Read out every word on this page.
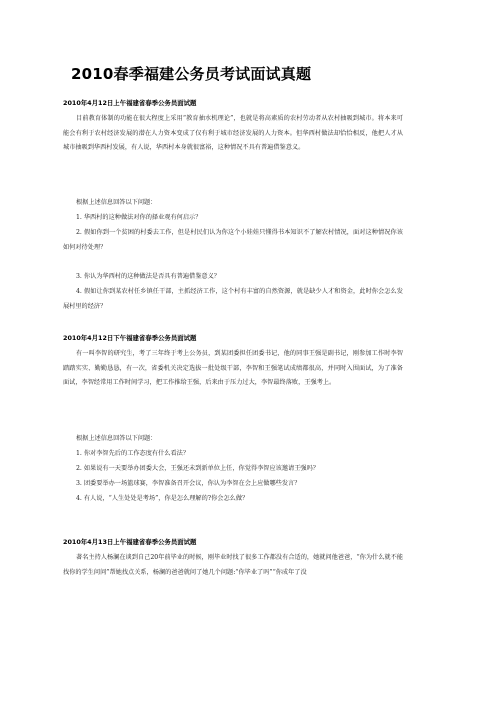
2010春季福建公务员考试面试真题
2010年4月12日上午福建省春季公务员面试题
目前教育体制的功能在很大程度上采用“教育抽水机理论”，也就是将高素质的农村劳动者从农村抽吸到城市。将本来可能会有利于农村经济发展的潜在人力资本变成了仅有利于城市经济发展的人力资本。但华西村做法却恰恰相反，他把人才从城市抽吸到华西村发展，有人说，华西村本身就很富裕，这种情况不具有普遍借鉴意义。
根据上述信息回答以下问题：
1. 华西村的这种做法对你的择业观有何启示？
2. 假如你到一个贫困的村委去工作，但是村民们认为你这个小娃娃只懂得书本知识不了解农村情况，面对这种情况你该如何对待处理？
3. 你认为华西村的这种做法是否具有普遍借鉴意义？
4. 假如让你到某农村任乡镇任干部，主抓经济工作，这个村有丰富的自然资源，就是缺少人才和资金，此时你会怎么发展村里的经济？
2010年4月12日下午福建省春季公务员面试题
有一叫李智的研究生，考了三年终于考上公务员，到某团委担任团委书记，他的同事王强是副书记，刚参加工作时李智踏踏实实、勤勤恳恳，有一次，省委机关决定选拔一批处级干部，李智和王强笔试成绩都很高，并同时入围面试，为了准备面试，李智经常用工作时间学习，把工作推给王强，后来由于压力过大，李智最终落败，王强考上。
根据上述信息回答以下问题：
1. 你对李智先后的工作态度有什么看法？
2. 如果说有一天要举办团委大会，王强还未到新单位上任，你觉得李智应该邀请王强吗？
3. 团委要举办一场篮球赛，李智准备召开会议，你认为李智在会上应做哪些发言？
4. 有人说，“人生处处是考场”，你是怎么理解的?你会怎么做？
2010年4月13日上午福建省春季公务员面试题
著名主持人杨澜在谈到自己20年前毕业的时候，刚毕业时找了很多工作都没有合适的，她就问他爸爸，“你为什么就不能找你的学生问问”帮她找点关系，杨澜的爸爸就问了她几个问题:“你毕业了吗”“你成年了没
